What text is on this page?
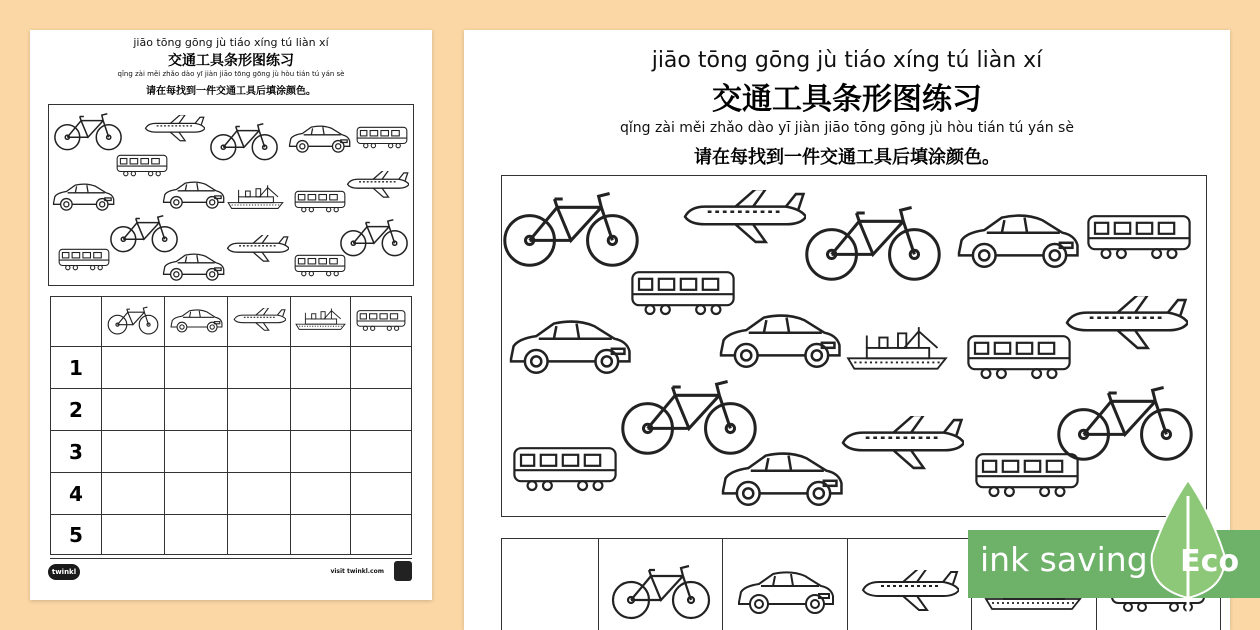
jiāo tōng gōng jù tiáo xíng tú liàn xí
交通工具条形图练习
qǐng zài měi zhǎo dào yī jiàn jiāo tōng gōng jù hòu tián tú yán sè
请在每找到一件交通工具后填涂颜色。

1					
2					
3					
4					
5					
twinkl	visit twinkl.com
jiāo tōng gōng jù tiáo xíng tú liàn xí
交通工具条形图练习
qǐng zài měi zhǎo dào yī jiàn jiāo tōng gōng jù hòu tián tú yán sè
请在每找到一件交通工具后填涂颜色。

ink saving Eco
